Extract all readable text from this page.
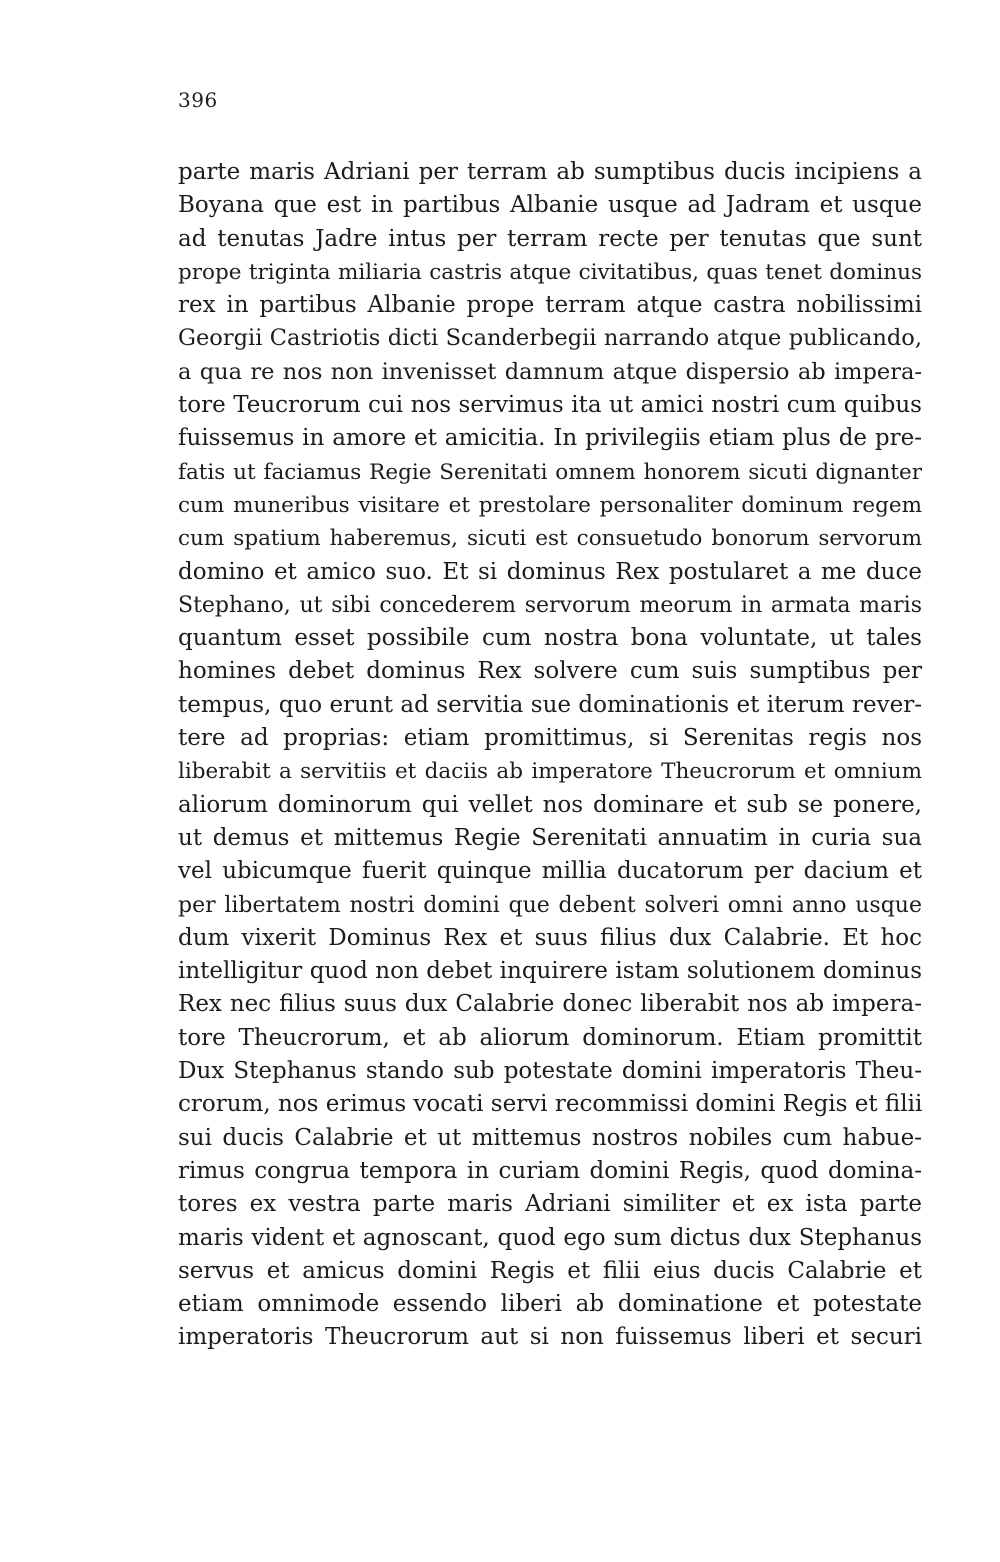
396
parte maris Adriani per terram ab sumptibus ducis incipiens a
Boyana que est in partibus Albanie usque ad Jadram et usque
ad tenutas Jadre intus per terram recte per tenutas que sunt
prope triginta miliaria castris atque civitatibus, quas tenet dominus
rex in partibus Albanie prope terram atque castra nobilissimi
Georgii Castriotis dicti Scanderbegii narrando atque publicando,
a qua re nos non invenisset damnum atque dispersio ab impera-
tore Teucrorum cui nos servimus ita ut amici nostri cum quibus
fuissemus in amore et amicitia. In privilegiis etiam plus de pre-
fatis ut faciamus Regie Serenitati omnem honorem sicuti dignanter
cum muneribus visitare et prestolare personaliter dominum regem
cum spatium haberemus, sicuti est consuetudo bonorum servorum
domino et amico suo. Et si dominus Rex postularet a me duce
Stephano, ut sibi concederem servorum meorum in armata maris
quantum esset possibile cum nostra bona voluntate, ut tales
homines debet dominus Rex solvere cum suis sumptibus per
tempus, quo erunt ad servitia sue dominationis et iterum rever-
tere ad proprias: etiam promittimus, si Serenitas regis nos
liberabit a servitiis et daciis ab imperatore Theucrorum et omnium
aliorum dominorum qui vellet nos dominare et sub se ponere,
ut demus et mittemus Regie Serenitati annuatim in curia sua
vel ubicumque fuerit quinque millia ducatorum per dacium et
per libertatem nostri domini que debent solveri omni anno usque
dum vixerit Dominus Rex et suus filius dux Calabrie. Et hoc
intelligitur quod non debet inquirere istam solutionem dominus
Rex nec filius suus dux Calabrie donec liberabit nos ab impera-
tore Theucrorum, et ab aliorum dominorum. Etiam promittit
Dux Stephanus stando sub potestate domini imperatoris Theu-
crorum, nos erimus vocati servi recommissi domini Regis et filii
sui ducis Calabrie et ut mittemus nostros nobiles cum habue-
rimus congrua tempora in curiam domini Regis, quod domina-
tores ex vestra parte maris Adriani similiter et ex ista parte
maris vident et agnoscant, quod ego sum dictus dux Stephanus
servus et amicus domini Regis et filii eius ducis Calabrie et
etiam omnimode essendo liberi ab dominatione et potestate
imperatoris Theucrorum aut si non fuissemus liberi et securi
